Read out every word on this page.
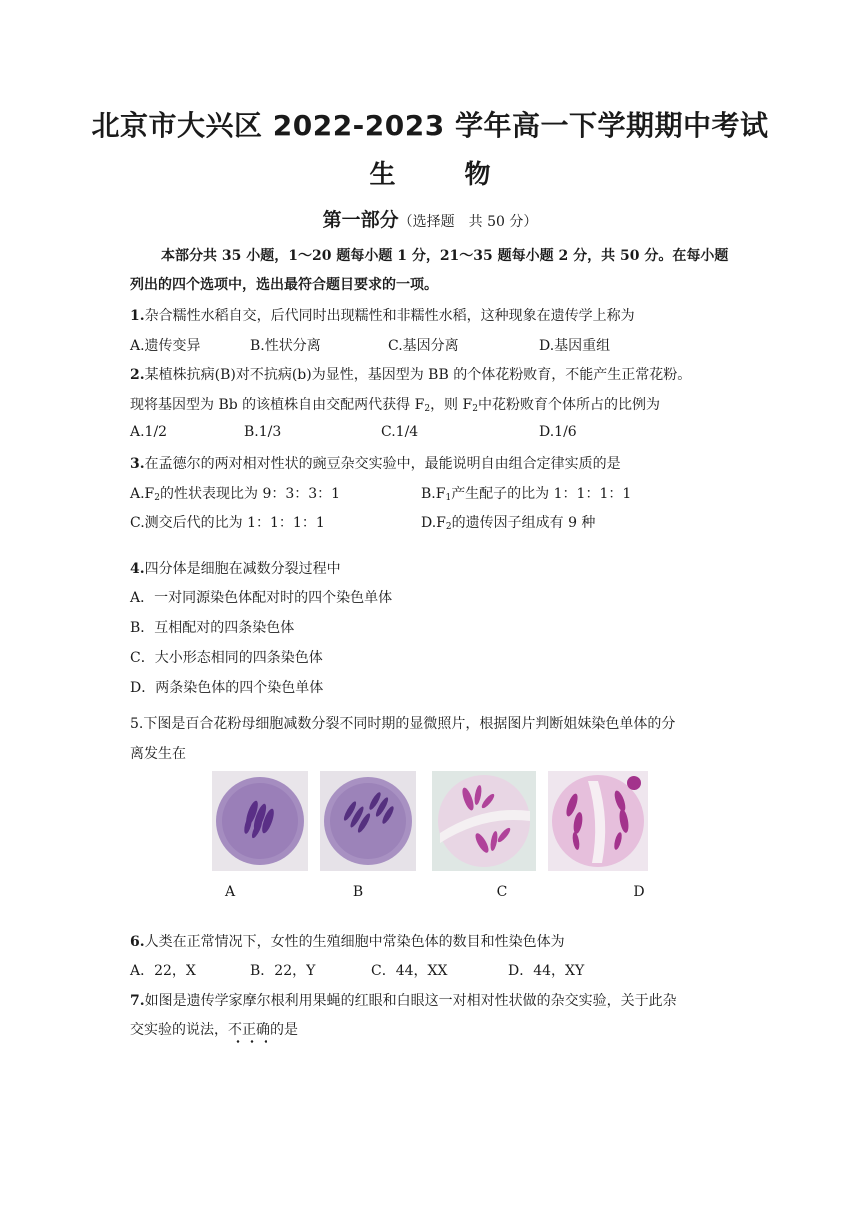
北京市大兴区 2022-2023 学年高一下学期期中考试
生 物
第一部分（选择题　共 50 分）
本部分共 35 小题，1～20 题每小题 1 分，21～35 题每小题 2 分，共 50 分。在每小题
列出的四个选项中，选出最符合题目要求的一项。
1.杂合糯性水稻自交，后代同时出现糯性和非糯性水稻，这种现象在遗传学上称为
A.遗传变异	B.性状分离	C.基因分离	D.基因重组
2.某植株抗病(B)对不抗病(b)为显性，基因型为 BB 的个体花粉败育，不能产生正常花粉。
现将基因型为 Bb 的该植株自由交配两代获得 $F_2$，则 $F_2$中花粉败育个体所占的比例为
A.1/2	B.1/3	C.1/4	D.1/6
3.在孟德尔的两对相对性状的豌豆杂交实验中，最能说明自由组合定律实质的是
$A.F_2$的性状表现比为 9：3：3：1	$B.F_1$产生配子的比为 1：1：1：1
C.测交后代的比为 1：1：1：1	$D.F_2$的遗传因子组成有 9 种
4.四分体是细胞在减数分裂过程中
A．一对同源染色体配对时的四个染色单体
B．互相配对的四条染色体
C．大小形态相同的四条染色体
D．两条染色体的四个染色单体
5.下图是百合花粉母细胞减数分裂不同时期的显微照片，根据图片判断姐妹染色单体的分
离发生在
A	B	C	D
6.人类在正常情况下，女性的生殖细胞中常染色体的数目和性染色体为
A．22，X	B．22，Y	C．44，XX	D．44，XY
7.如图是遗传学家摩尔根利用果蝇的红眼和白眼这一对相对性状做的杂交实验，关于此杂
交实验的说法，不正确的是
